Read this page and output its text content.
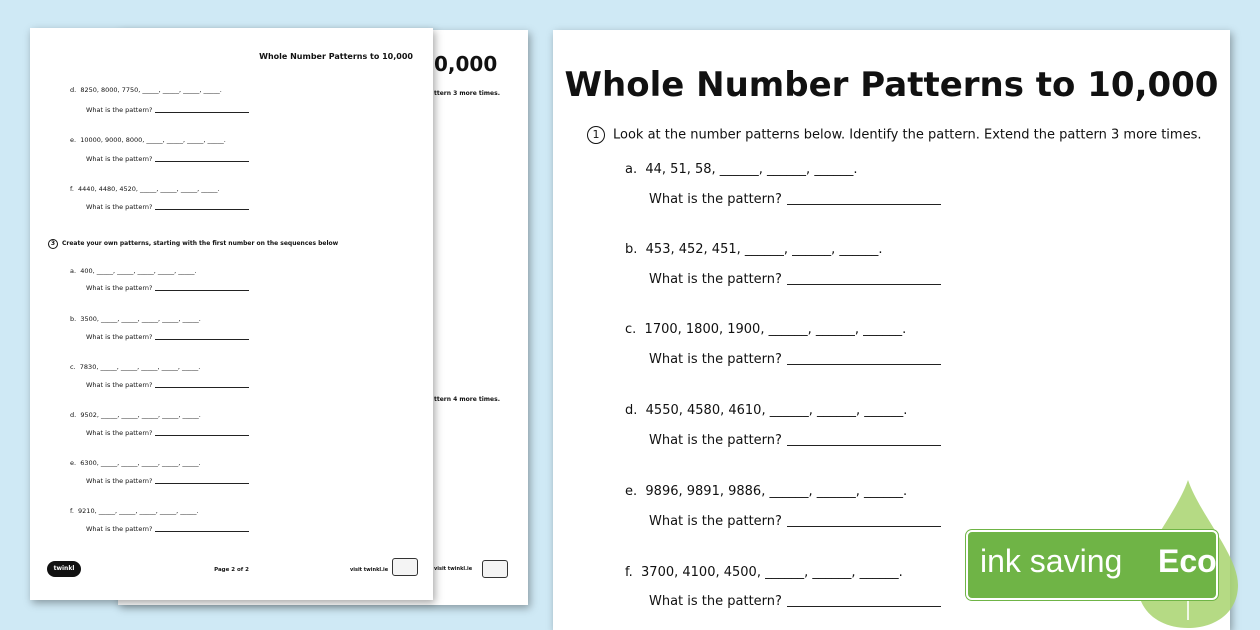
0,000
ttern 3 more times.
ttern 4 more times.
visit twinkl.ie
Whole Number Patterns to 10,000
d. 8250, 8000, 7750, _____, _____, _____, _____.
What is the pattern?
e. 10000, 9000, 8000, _____, _____, _____, _____.
What is the pattern?
f. 4440, 4480, 4520, _____, _____, _____, _____.
What is the pattern?
3 Create your own patterns, starting with the first number on the sequences below
a. 400, _____, _____, _____, _____, _____.
What is the pattern?
b. 3500, _____, _____, _____, _____, _____.
What is the pattern?
c. 7830, _____, _____, _____, _____, _____.
What is the pattern?
d. 9502, _____, _____, _____, _____, _____.
What is the pattern?
e. 6300, _____, _____, _____, _____, _____.
What is the pattern?
f. 9210, _____, _____, _____, _____, _____.
What is the pattern?
twinkl	Page 2 of 2	visit twinkl.ie
Whole Number Patterns to 10,000
1 Look at the number patterns below. Identify the pattern. Extend the pattern 3 more times.
a. 44, 51, 58, ______, ______, ______.
What is the pattern?
b. 453, 452, 451, ______, ______, ______.
What is the pattern?
c. 1700, 1800, 1900, ______, ______, ______.
What is the pattern?
d. 4550, 4580, 4610, ______, ______, ______.
What is the pattern?
e. 9896, 9891, 9886, ______, ______, ______.
What is the pattern?
f. 3700, 4100, 4500, ______, ______, ______.
What is the pattern?
ink saving Eco
